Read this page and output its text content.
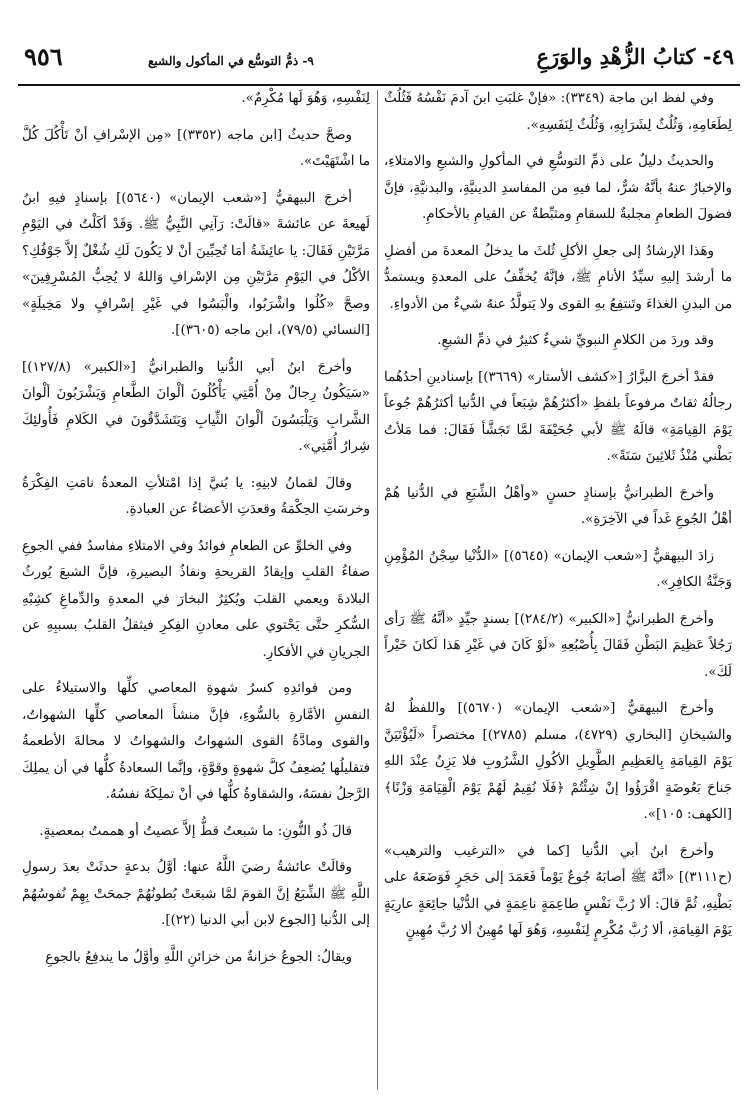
٤٩- كتابُ الزُّهْدِ والوَرَعِ
٩- ذمُّ التوسُّع في المأكول والشبع
٩٥٦

وفي لفظ ابن ماجة (٣٣٤٩): «فإنْ غلبَتِ ابنَ آدمَ نَفْسُهُ فَثُلُثٌ لِطَعَامِهِ، وَثُلُثٌ لِشَرَابِهِ، وَثُلُثٌ لِنَفَسِهِ».

والحديثُ دليلٌ على ذمِّ التوسُّعِ في المأكولِ والشبعِ والامتلاءِ، والإخبارُ عنهُ بأنَّهُ شرٌّ، لما فيهِ من المفاسدِ الدينيَّةِ، والبدنيَّةِ، فإنَّ فضولَ الطعامِ مجلبةٌ للسقامِ ومثبِّطةٌ عن القيامِ بالأحكامِ.

وهَذا الإرشادُ إلى جعلِ الأكلِ ثُلثَ ما يدخلُ المعدةَ من أفضلِ ما أرشدَ إليهِ سيِّدُ الأنامِ ﷺ، فإنَّهُ يُخفِّفُ على المعدةِ ويستمدُّ من البدنِ الغذاءَ وتَنتفِعُ بهِ القوى ولا يَتولَّدُ عنهُ شيءٌ من الأدواءِ.

وقد وردَ من الكلامِ النبويِّ شيءٌ كثيرٌ في ذمِّ الشبعِ.

فقدْ أخرجَ البزَّارُ [«كشف الأستار» (٣٦٦٩)] بإسنادينِ أحدُهُما رجالُهُ ثقاتٌ مرفوعاً بلفظِ «أكثرُهُمْ شِبَعاً في الدُّنيا أكثرُهُمْ جُوعاً يَوْمَ القِيامَةِ» قالَهُ ﷺ لأبي جُحَيْفَةَ لمَّا تَجَشَّأ فَقَالَ: فما مَلأتُ بَطْني مُنْذُ ثَلاثِينَ سَنَةً».

وأخرجَ الطبرانيُّ بإسنادٍ حسنٍ «وأهْلُ الشِّبَعِ في الدُّنيا هُمْ أهْلُ الجُوعِ غَداً في الآخِرَةِ».

زادَ البيهقيُّ [«شعب الإيمان» (٥٦٤٥)] «الدُّنْيا سِجْنُ المُؤْمِنِ وَجَنَّةُ الكافِرِ».

وأخرجَ الطبرانيُّ [«الكبير» (٢٨٤/٢)] بسندٍ جيِّدٍ «أنَّهُ ﷺ رَأى رَجُلاً عَظِيمَ البَطْنِ فَقَالَ بِأُصْبُعِهِ «لَوْ كَانَ في غَيْرِ هَذا لَكانَ خَيْراً لَكَ».

وأخرجَ البيهقيُّ [«شعب الإيمان» (٥٦٧٠)] واللفظُ لهُ والشيخانِ [البخاري (٤٧٢٩)، مسلم (٢٧٨٥)] مختصراً «لَيُؤْتَيَنَّ يَوْمَ القِيامَةِ بِالعَظِيمِ الطَّوِيلِ الأكُولِ الشَّرُوبِ فلا يَزِنُ عِنْدَ اللهِ جَناحَ بَعُوضَةٍ اقْرَؤُوا إنْ شِئْتُمْ ﴿فَلَا نُقِيمُ لَهُمْ يَوْمَ الْقِيَامَةِ وَزْنًا﴾ [الكهف: ١٠٥]».

وأخرجَ ابنُ أبي الدُّنيا [كما في «الترغيب والترهيب» (ح٣١١١)] «أنَّهُ ﷺ أصابَهُ جُوعٌ يَوْماً فَعَمَدَ إلى حَجَرٍ فَوَضَعَهُ على بَطْنِهِ، ثُمَّ قالَ: ألا رُبَّ نَفْسٍ طاعِمَةٍ ناعِمَةٍ في الدُّنْيا جائِعَةٍ عارِيَةٍ يَوْمَ القِيامَةِ، ألا رُبَّ مُكْرِمٍ لِنَفْسِهِ، وَهُوَ لَها مُهِينٌ ألا رُبَّ مُهِينٍ

لِنَفْسِهِ، وَهُوَ لَها مُكْرِمٌ».

وصحَّ حديثُ [ابن ماجه (٣٣٥٢)] «مِن الإسْرافِ أنْ تَأْكُلَ كُلَّ ما اشْتَهَيْتَ».

أخرجَ البيهقيُّ [«شعب الإيمان» (٥٦٤٠)] بإسنادٍ فيهِ ابنُ لَهيعةَ عن عائشةَ «قالَتْ: رَآنِي النَّبِيُّ ﷺ. وَقَدْ أكَلْتُ في اليَوْمِ مَرَّتَيْنِ فَقَالَ: يا عائِشَةُ أمَا تُحِبِّينَ أنْ لا يَكُونَ لَكِ شُغْلٌ إلاَّ جَوْفُكِ؟ الأكْلُ في اليَوْمِ مَرَّتَيْنِ مِن الإسْرافِ وَاللهُ لا يُحِبُّ المُسْرِفِينَ» وصحَّ «كُلُوا واشْرَبُوا، والْبَسُوا في غَيْرِ إسْرافٍ ولا مَخِيلَةٍ» [النسائي (٧٩/٥)، ابن ماجه (٣٦٠٥)].

وأخرجَ ابنُ أبي الدُّنيا والطبرانيُّ [«الكبير» (١٢٧/٨)] «سَيَكُونُ رِجالٌ مِنْ أُمَّتِي يَأْكُلُونَ ألْوانَ الطَّعامِ وَيَشْرَبُونَ ألْوانَ الشَّرابِ وَيَلْبَسُونَ ألْوانَ الثِّيابِ وَيَتَشَدَّقُونَ في الكَلامِ فَأُولئِكَ شِرارُ أُمَّتِي».

وقالَ لقمانُ لابنِهِ: يا بُنيَّ إذا امْتلأتِ المعدةُ نامَتِ الفِكْرَةُ وخرسَتِ الحِكْمَةُ وقعدَتِ الأعضاءُ عن العبادةِ.

وفي الخلوِّ عن الطعامِ فوائدُ وفي الامتلاءِ مفاسدُ ففي الجوعِ صفاءُ القلبِ وإيقادُ القريحةِ ونفاذُ البصيرةِ، فإنَّ الشبعَ يُورثُ البلادةَ ويعمي القلبَ ويُكثِرُ البخارَ في المعدةِ والدِّماغِ كشِبْهِ السُّكرِ حتَّى يَحْتوي على معادنِ الفِكرِ فيثقلُ القلبُ بسببِهِ عن الجريانِ في الأفكارِ.

ومن فوائدِهِ كسرُ شهوةِ المعاصي كلِّها والاستيلاءُ على النفسِ الأمَّارةِ بالسُّوءِ، فإنَّ منشأَ المعاصي كلِّها الشهواتُ، والقوى ومادَّةُ القوى الشهواتُ والشهواتُ لا محالةَ الأطعمةُ فتقليلُها يُضعِفُ كلَّ شهوةٍ وقوَّةٍ، وإنَّما السعادةُ كلُّها في أن يملِكَ الرَّجلُ نفسَهُ، والشقاوةُ كلُّها في أنْ تملِكَهُ نفسُهُ.

قالَ ذُو النُّونِ: ما شبعتُ قطُّ إلاَّ عصيتُ أو هممتُ بمعصيةٍ.

وقالَتْ عائشةُ رضيَ اللَّهُ عنها: أوَّلُ بدعةٍ حدثَتْ بعدَ رسولِ اللَّهِ ﷺ الشِّبَعُ إنَّ القومَ لمَّا شبعَتْ بُطونُهُمْ جمحَتْ بِهِمْ نُفوسُهُمْ إلى الدُّنيا [الجوع لابن أبي الدنيا (٢٢)].

ويقالُ: الجوعُ خزانةٌ من خزائنِ اللَّهِ وأوَّلُ ما يندفِعُ بالجوعِ
